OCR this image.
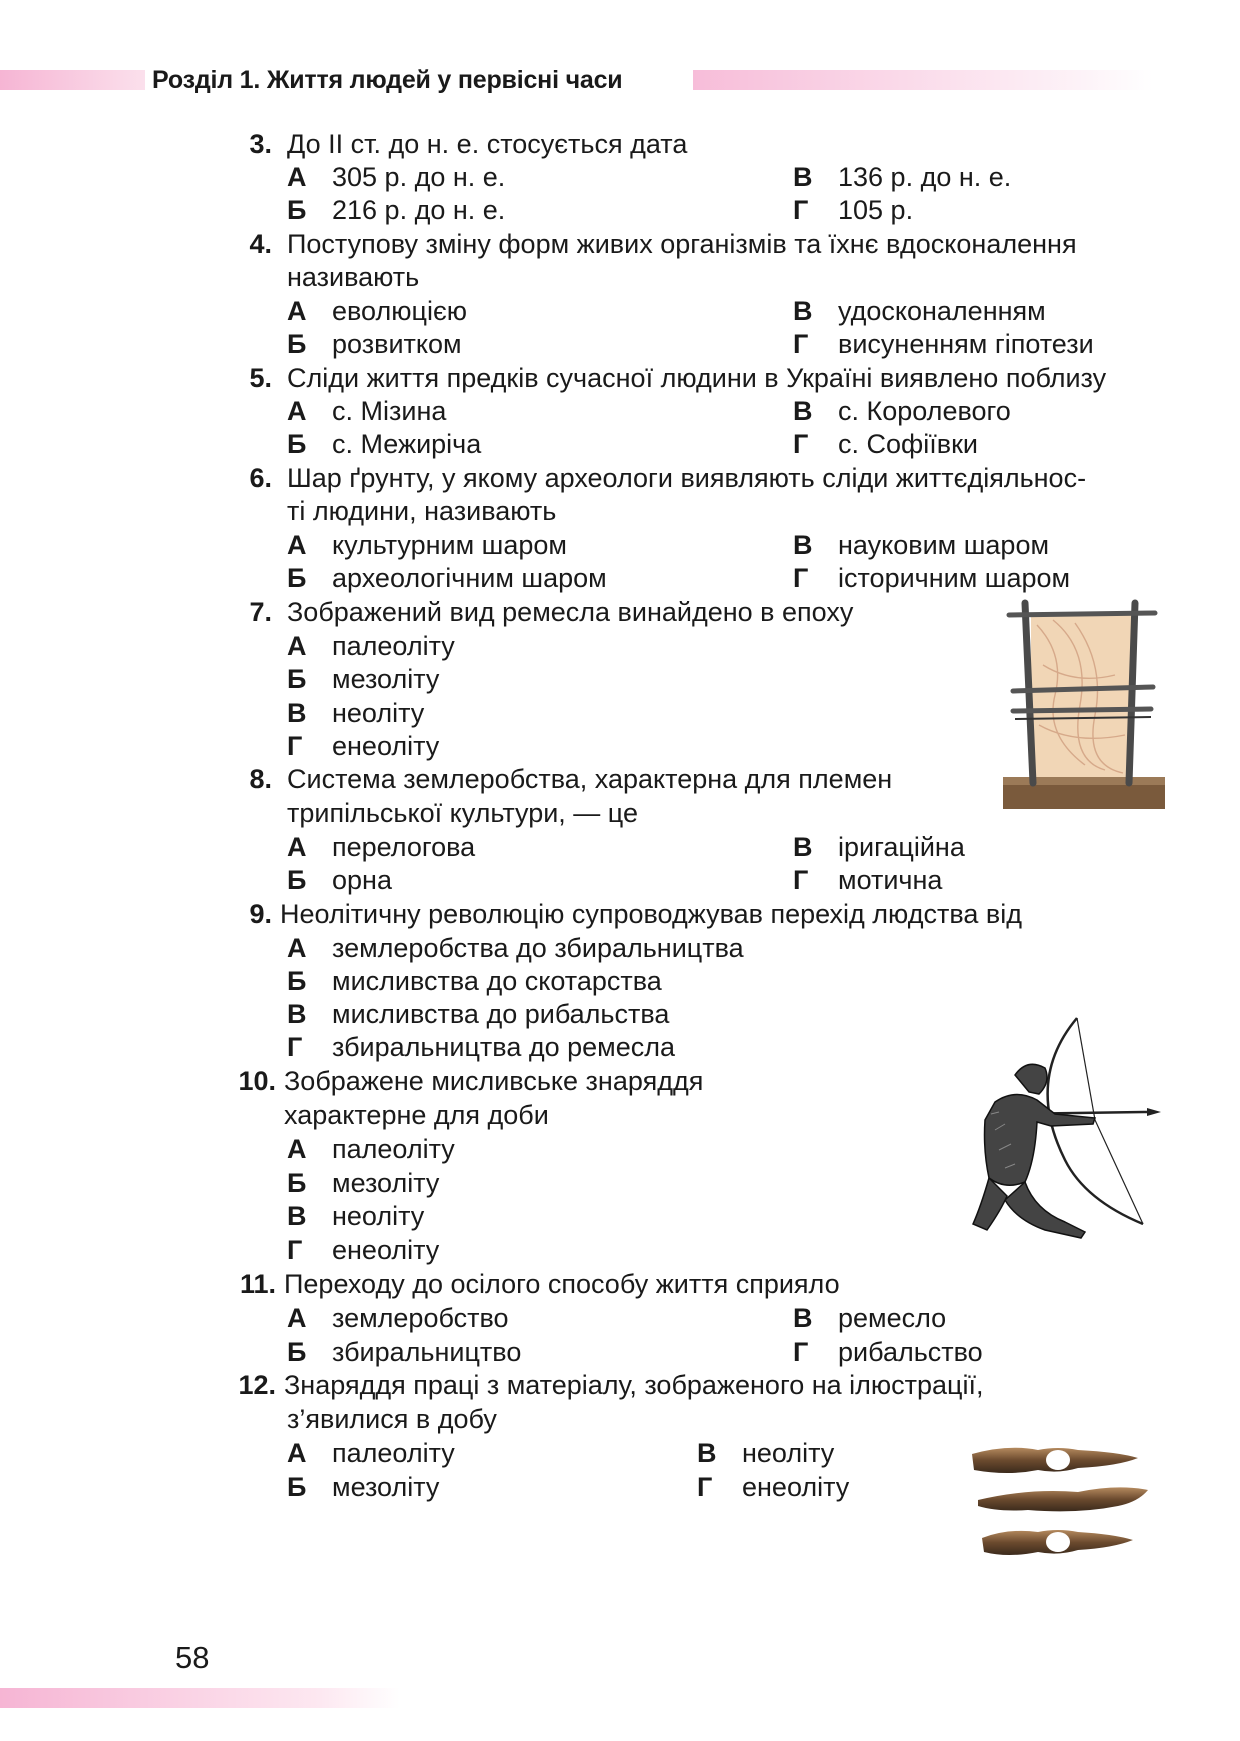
Розділ 1. Життя людей у первісні часи
3. До II ст. до н. е. стосується дата
А 305 р. до н. е.
Б 216 р. до н. е.
В 136 р. до н. е.
Г 105 р.
4. Поступову зміну форм живих організмів та їхнє вдосконалення
називають
А еволюцією
Б розвитком
В удосконаленням
Г висуненням гіпотези
5. Сліди життя предків сучасної людини в Україні виявлено поблизу
А с. Мізина
Б с. Межиріча
В с. Королевого
Г с. Софіївки
6. Шар ґрунту, у якому археологи виявляють сліди життєдіяльнос-
ті людини, називають
А культурним шаром
Б археологічним шаром
В науковим шаром
Г історичним шаром
7. Зображений вид ремесла винайдено в епоху
А палеоліту
Б мезоліту
В неоліту
Г енеоліту
8. Система землеробства, характерна для племен
трипільської культури, — це
А перелогова
Б орна
В іригаційна
Г мотична
9. Неолітичну революцію супроводжував перехід людства від
А землеробства до збиральництва
Б мисливства до скотарства
В мисливства до рибальства
Г збиральництва до ремесла
10. Зображене мисливське знаряддя
характерне для доби
А палеоліту
Б мезоліту
В неоліту
Г енеоліту
11. Переходу до осілого способу життя сприяло
А землеробство
Б збиральництво
В ремесло
Г рибальство
12. Знаряддя праці з матеріалу, зображеного на ілюстрації,
з’явилися в добу
А палеоліту
Б мезоліту
В неоліту
Г енеоліту
58
